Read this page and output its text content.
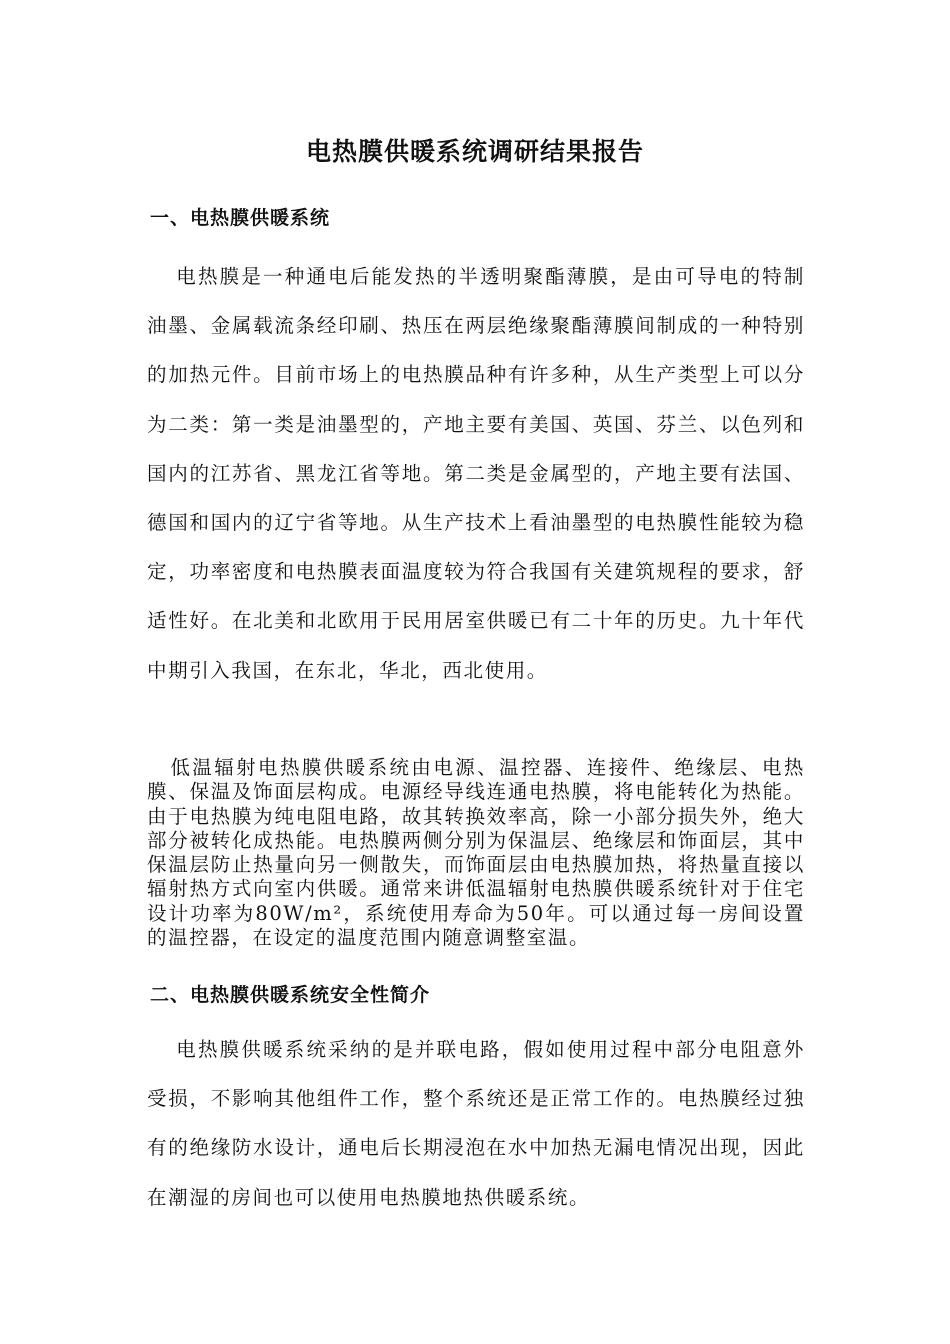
电热膜供暖系统调研结果报告
一、电热膜供暖系统

电热膜是一种通电后能发热的半透明聚酯薄膜，是由可导电的特制油墨、金属载流条经印刷、热压在两层绝缘聚酯薄膜间制成的一种特别的加热元件。目前市场上的电热膜品种有许多种，从生产类型上可以分为二类：第一类是油墨型的，产地主要有美国、英国、芬兰、以色列和国内的江苏省、黑龙江省等地。第二类是金属型的，产地主要有法国、德国和国内的辽宁省等地。从生产技术上看油墨型的电热膜性能较为稳定，功率密度和电热膜表面温度较为符合我国有关建筑规程的要求，舒适性好。在北美和北欧用于民用居室供暖已有二十年的历史。九十年代中期引入我国，在东北，华北，西北使用。

低温辐射电热膜供暖系统由电源、温控器、连接件、绝缘层、电热膜、保温及饰面层构成。电源经导线连通电热膜，将电能转化为热能。由于电热膜为纯电阻电路，故其转换效率高，除一小部分损失外，绝大部分被转化成热能。电热膜两侧分别为保温层、绝缘层和饰面层，其中保温层防止热量向另一侧散失，而饰面层由电热膜加热，将热量直接以辐射热方式向室内供暖。通常来讲低温辐射电热膜供暖系统针对于住宅设计功率为80W/m²，系统使用寿命为50年。可以通过每一房间设置的温控器，在设定的温度范围内随意调整室温。

二、电热膜供暖系统安全性简介

电热膜供暖系统采纳的是并联电路，假如使用过程中部分电阻意外受损，不影响其他组件工作，整个系统还是正常工作的。电热膜经过独有的绝缘防水设计，通电后长期浸泡在水中加热无漏电情况出现，因此在潮湿的房间也可以使用电热膜地热供暖系统。
